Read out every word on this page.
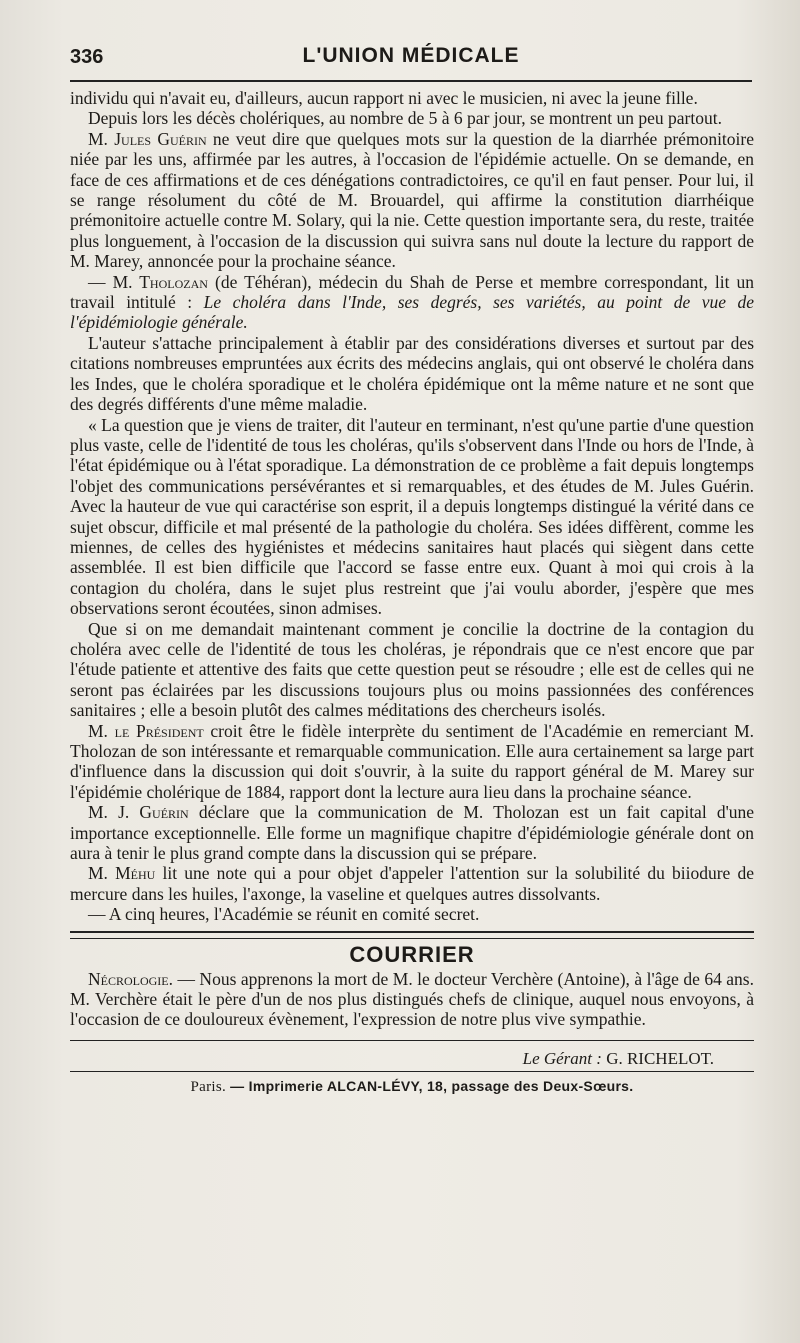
336	L'UNION MÉDICALE

individu qui n'avait eu, d'ailleurs, aucun rapport ni avec le musicien, ni avec la jeune fille.

Depuis lors les décès cholériques, au nombre de 5 à 6 par jour, se montrent un peu partout.

M. Jules Guérin ne veut dire que quelques mots sur la question de la diarrhée prémonitoire niée par les uns, affirmée par les autres, à l'occasion de l'épidémie actuelle. On se demande, en face de ces affirmations et de ces dénégations contradictoires, ce qu'il en faut penser. Pour lui, il se range résolument du côté de M. Brouardel, qui affirme la constitution diarrhéique prémonitoire actuelle contre M. Solary, qui la nie. Cette question importante sera, du reste, traitée plus longuement, à l'occasion de la discussion qui suivra sans nul doute la lecture du rapport de M. Marey, annoncée pour la prochaine séance.

— M. Tholozan (de Téhéran), médecin du Shah de Perse et membre correspondant, lit un travail intitulé : Le choléra dans l'Inde, ses degrés, ses variétés, au point de vue de l'épidémiologie générale.

L'auteur s'attache principalement à établir par des considérations diverses et surtout par des citations nombreuses empruntées aux écrits des médecins anglais, qui ont observé le choléra dans les Indes, que le choléra sporadique et le choléra épidémique ont la même nature et ne sont que des degrés différents d'une même maladie.

« La question que je viens de traiter, dit l'auteur en terminant, n'est qu'une partie d'une question plus vaste, celle de l'identité de tous les choléras, qu'ils s'observent dans l'Inde ou hors de l'Inde, à l'état épidémique ou à l'état sporadique. La démonstration de ce problème a fait depuis longtemps l'objet des communications persévérantes et si remarquables, et des études de M. Jules Guérin. Avec la hauteur de vue qui caractérise son esprit, il a depuis longtemps distingué la vérité dans ce sujet obscur, difficile et mal présenté de la pathologie du choléra. Ses idées diffèrent, comme les miennes, de celles des hygiénistes et médecins sanitaires haut placés qui siègent dans cette assemblée. Il est bien difficile que l'accord se fasse entre eux. Quant à moi qui crois à la contagion du choléra, dans le sujet plus restreint que j'ai voulu aborder, j'espère que mes observations seront écoutées, sinon admises.

Que si on me demandait maintenant comment je concilie la doctrine de la contagion du choléra avec celle de l'identité de tous les choléras, je répondrais que ce n'est encore que par l'étude patiente et attentive des faits que cette question peut se résoudre ; elle est de celles qui ne seront pas éclairées par les discussions toujours plus ou moins passionnées des conférences sanitaires ; elle a besoin plutôt des calmes méditations des chercheurs isolés.

M. le Président croit être le fidèle interprète du sentiment de l'Académie en remerciant M. Tholozan de son intéressante et remarquable communication. Elle aura certainement sa large part d'influence dans la discussion qui doit s'ouvrir, à la suite du rapport général de M. Marey sur l'épidémie cholérique de 1884, rapport dont la lecture aura lieu dans la prochaine séance.

M. J. Guérin déclare que la communication de M. Tholozan est un fait capital d'une importance exceptionnelle. Elle forme un magnifique chapitre d'épidémiologie générale dont on aura à tenir le plus grand compte dans la discussion qui se prépare.

M. Méhu lit une note qui a pour objet d'appeler l'attention sur la solubilité du biiodure de mercure dans les huiles, l'axonge, la vaseline et quelques autres dissolvants.

— A cinq heures, l'Académie se réunit en comité secret.

COURRIER

Nécrologie. — Nous apprenons la mort de M. le docteur Verchère (Antoine), à l'âge de 64 ans. M. Verchère était le père d'un de nos plus distingués chefs de clinique, auquel nous envoyons, à l'occasion de ce douloureux évènement, l'expression de notre plus vive sympathie.

Le Gérant : G. RICHELOT.
Paris. — Imprimerie ALCAN-LÉVY, 18, passage des Deux-Sœurs.
